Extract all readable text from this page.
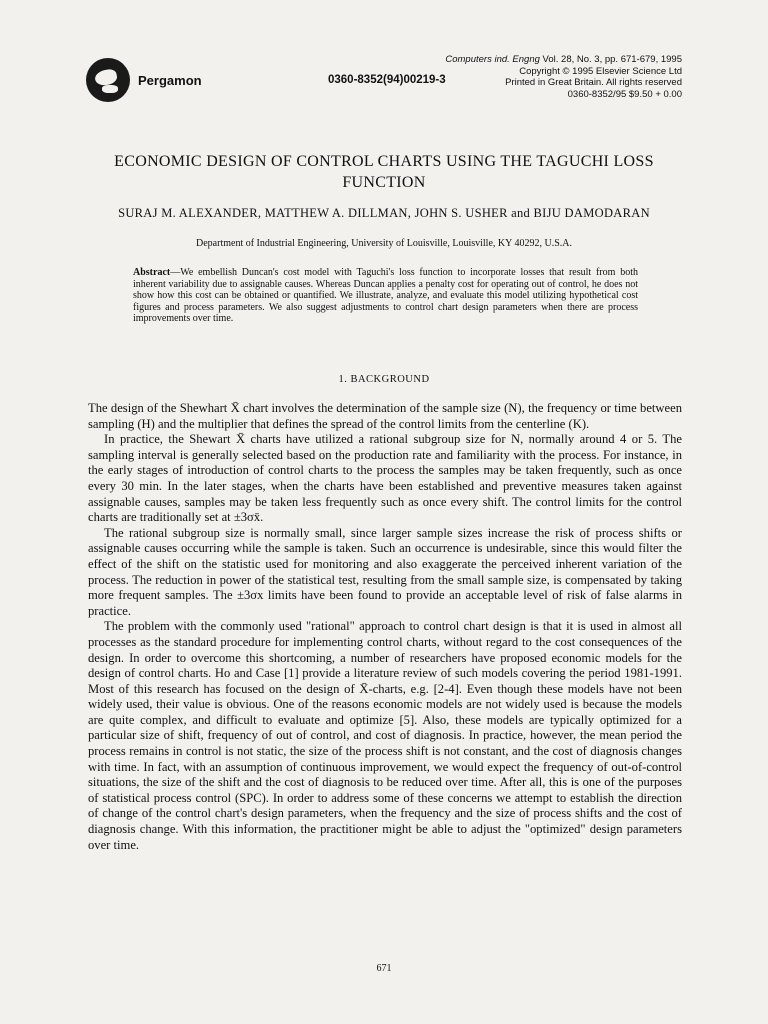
Pergamon	0360-8352(94)00219-3
Computers ind. Engng Vol. 28, No. 3, pp. 671-679, 1995
Copyright © 1995 Elsevier Science Ltd
Printed in Great Britain. All rights reserved
0360-8352/95 $9.50 + 0.00
ECONOMIC DESIGN OF CONTROL CHARTS USING THE TAGUCHI LOSS FUNCTION
SURAJ M. ALEXANDER, MATTHEW A. DILLMAN, JOHN S. USHER and BIJU DAMODARAN
Department of Industrial Engineering, University of Louisville, Louisville, KY 40292, U.S.A.
Abstract—We embellish Duncan's cost model with Taguchi's loss function to incorporate losses that result from both inherent variability due to assignable causes. Whereas Duncan applies a penalty cost for operating out of control, he does not show how this cost can be obtained or quantified. We illustrate, analyze, and evaluate this model utilizing hypothetical cost figures and process parameters. We also suggest adjustments to control chart design parameters when there are process improvements over time.
1. BACKGROUND

The design of the Shewhart X̄ chart involves the determination of the sample size (N), the frequency or time between sampling (H) and the multiplier that defines the spread of the control limits from the centerline (K).

In practice, the Shewart X̄ charts have utilized a rational subgroup size for N, normally around 4 or 5. The sampling interval is generally selected based on the production rate and familiarity with the process. For instance, in the early stages of introduction of control charts to the process the samples may be taken frequently, such as once every 30 min. In the later stages, when the charts have been established and preventive measures taken against assignable causes, samples may be taken less frequently such as once every shift. The control limits for the control charts are traditionally set at ±3σx̄.

The rational subgroup size is normally small, since larger sample sizes increase the risk of process shifts or assignable causes occurring while the sample is taken. Such an occurrence is undesirable, since this would filter the effect of the shift on the statistic used for monitoring and also exaggerate the perceived inherent variation of the process. The reduction in power of the statistical test, resulting from the small sample size, is compensated by taking more frequent samples. The ±3σx limits have been found to provide an acceptable level of risk of false alarms in practice.

The problem with the commonly used "rational" approach to control chart design is that it is used in almost all processes as the standard procedure for implementing control charts, without regard to the cost consequences of the design. In order to overcome this shortcoming, a number of researchers have proposed economic models for the design of control charts. Ho and Case [1] provide a literature review of such models covering the period 1981-1991. Most of this research has focused on the design of X̄-charts, e.g. [2-4]. Even though these models have not been widely used, their value is obvious. One of the reasons economic models are not widely used is because the models are quite complex, and difficult to evaluate and optimize [5]. Also, these models are typically optimized for a particular size of shift, frequency of out of control, and cost of diagnosis. In practice, however, the mean period the process remains in control is not static, the size of the process shift is not constant, and the cost of diagnosis changes with time. In fact, with an assumption of continuous improvement, we would expect the frequency of out-of-control situations, the size of the shift and the cost of diagnosis to be reduced over time. After all, this is one of the purposes of statistical process control (SPC). In order to address some of these concerns we attempt to establish the direction of change of the control chart's design parameters, when the frequency and the size of process shifts and the cost of diagnosis change. With this information, the practitioner might be able to adjust the "optimized" design parameters over time.

671
